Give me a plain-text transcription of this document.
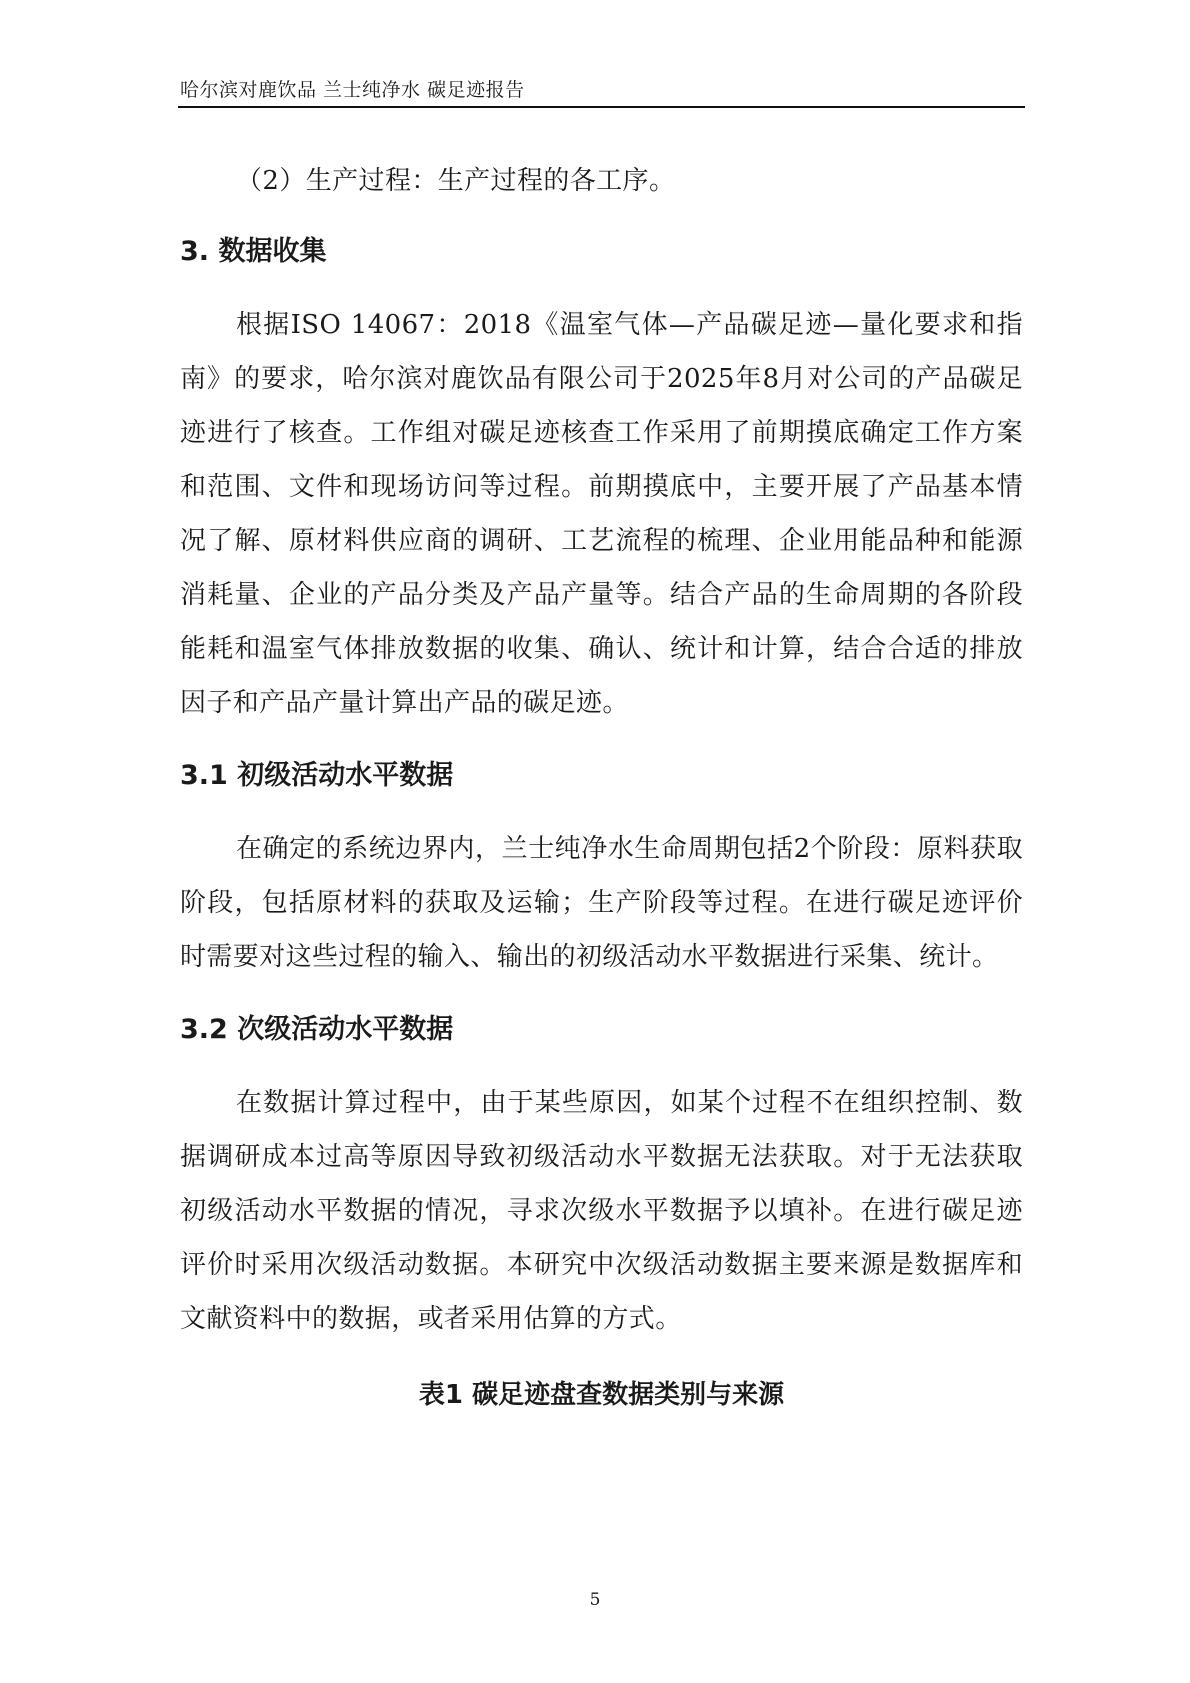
哈尔滨对鹿饮品 兰士纯净水 碳足迹报告

（2）生产过程：生产过程的各工序。

3. 数据收集

根据ISO 14067：2018《温室气体—产品碳足迹—量化要求和指南》的要求，哈尔滨对鹿饮品有限公司于2025年8月对公司的产品碳足迹进行了核查。工作组对碳足迹核查工作采用了前期摸底确定工作方案和范围、文件和现场访问等过程。前期摸底中，主要开展了产品基本情况了解、原材料供应商的调研、工艺流程的梳理、企业用能品种和能源消耗量、企业的产品分类及产品产量等。结合产品的生命周期的各阶段能耗和温室气体排放数据的收集、确认、统计和计算，结合合适的排放因子和产品产量计算出产品的碳足迹。

3.1 初级活动水平数据

在确定的系统边界内，兰士纯净水生命周期包括2个阶段：原料获取阶段，包括原材料的获取及运输；生产阶段等过程。在进行碳足迹评价时需要对这些过程的输入、输出的初级活动水平数据进行采集、统计。

3.2 次级活动水平数据

在数据计算过程中，由于某些原因，如某个过程不在组织控制、数据调研成本过高等原因导致初级活动水平数据无法获取。对于无法获取初级活动水平数据的情况，寻求次级水平数据予以填补。在进行碳足迹评价时采用次级活动数据。本研究中次级活动数据主要来源是数据库和文献资料中的数据，或者采用估算的方式。

表1 碳足迹盘查数据类别与来源

5
